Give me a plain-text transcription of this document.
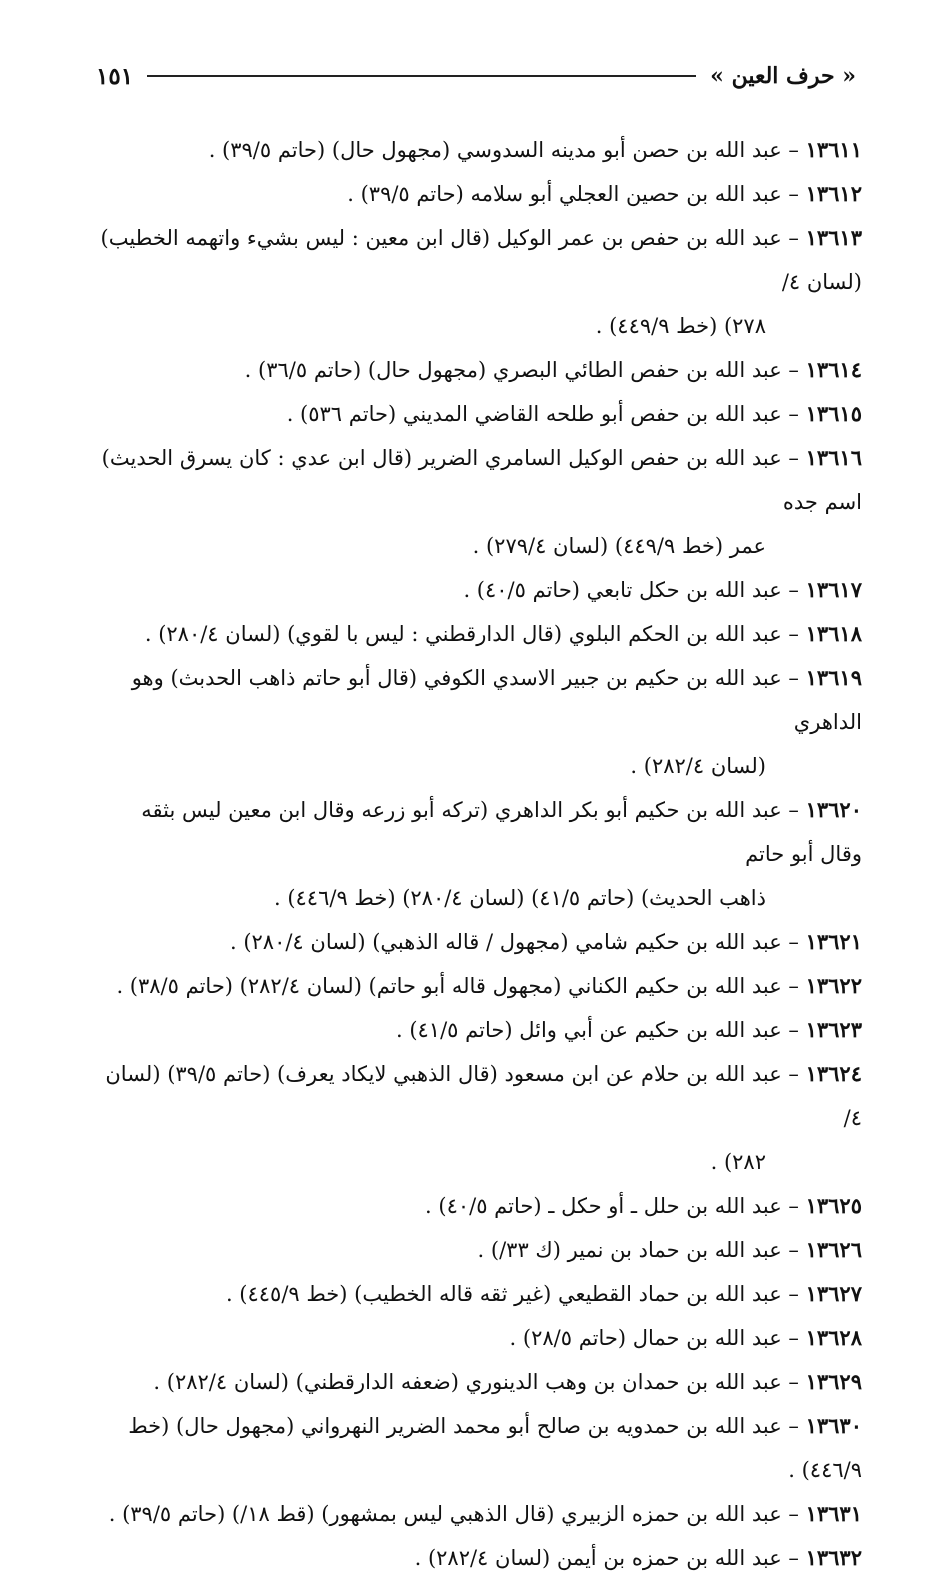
« حرف العين »
١٥١

١٣٦١١ – عبد الله بن حصن أبو مدينه السدوسي (مجهول حال) (حاتم ٣٩/٥) .

١٣٦١٢ – عبد الله بن حصين العجلي أبو سلامه (حاتم ٣٩/٥) .

١٣٦١٣ – عبد الله بن حفص بن عمر الوكيل (قال ابن معين : ليس بشيء واتهمه الخطيب) (لسان ٤/
٢٧٨) (خط ٤٤٩/٩) .

١٣٦١٤ – عبد الله بن حفص الطائي البصري (مجهول حال) (حاتم ٣٦/٥) .

١٣٦١٥ – عبد الله بن حفص أبو طلحه القاضي المديني (حاتم ٥٣٦) .

١٣٦١٦ – عبد الله بن حفص الوكيل السامري الضرير (قال ابن عدي : كان يسرق الحديث) اسم جده
عمر (خط ٤٤٩/٩) (لسان ٢٧٩/٤) .

١٣٦١٧ – عبد الله بن حكل تابعي (حاتم ٤٠/٥) .

١٣٦١٨ – عبد الله بن الحكم البلوي (قال الدارقطني : ليس با لقوي) (لسان ٢٨٠/٤) .

١٣٦١٩ – عبد الله بن حكيم بن جبير الاسدي الكوفي (قال أبو حاتم ذاهب الحدبث) وهو الداهري
(لسان ٢٨٢/٤) .

١٣٦٢٠ – عبد الله بن حكيم أبو بكر الداهري (تركه أبو زرعه وقال ابن معين ليس بثقه وقال أبو حاتم
ذاهب الحديث) (حاتم ٤١/٥) (لسان ٢٨٠/٤) (خط ٤٤٦/٩) .

١٣٦٢١ – عبد الله بن حكيم شامي (مجهول / قاله الذهبي) (لسان ٢٨٠/٤) .

١٣٦٢٢ – عبد الله بن حكيم الكناني (مجهول قاله أبو حاتم) (لسان ٢٨٢/٤) (حاتم ٣٨/٥) .

١٣٦٢٣ – عبد الله بن حكيم عن أبي وائل (حاتم ٤١/٥) .

١٣٦٢٤ – عبد الله بن حلام عن ابن مسعود (قال الذهبي لايكاد يعرف) (حاتم ٣٩/٥) (لسان ٤/
٢٨٢) .

١٣٦٢٥ – عبد الله بن حلل ـ أو حكل ـ (حاتم ٤٠/٥) .

١٣٦٢٦ – عبد الله بن حماد بن نمير (ك ٣٣/) .

١٣٦٢٧ – عبد الله بن حماد القطيعي (غير ثقه قاله الخطيب) (خط ٤٤٥/٩) .

١٣٦٢٨ – عبد الله بن حمال (حاتم ٢٨/٥) .

١٣٦٢٩ – عبد الله بن حمدان بن وهب الدينوري (ضعفه الدارقطني) (لسان ٢٨٢/٤) .

١٣٦٣٠ – عبد الله بن حمدويه بن صالح أبو محمد الضرير النهرواني (مجهول حال) (خط ٤٤٦/٩) .

١٣٦٣١ – عبد الله بن حمزه الزبيري (قال الذهبي ليس بمشهور) (قط ١٨/) (حاتم ٣٩/٥) .

١٣٦٣٢ – عبد الله بن حمزه بن أيمن (لسان ٢٨٢/٤) .
